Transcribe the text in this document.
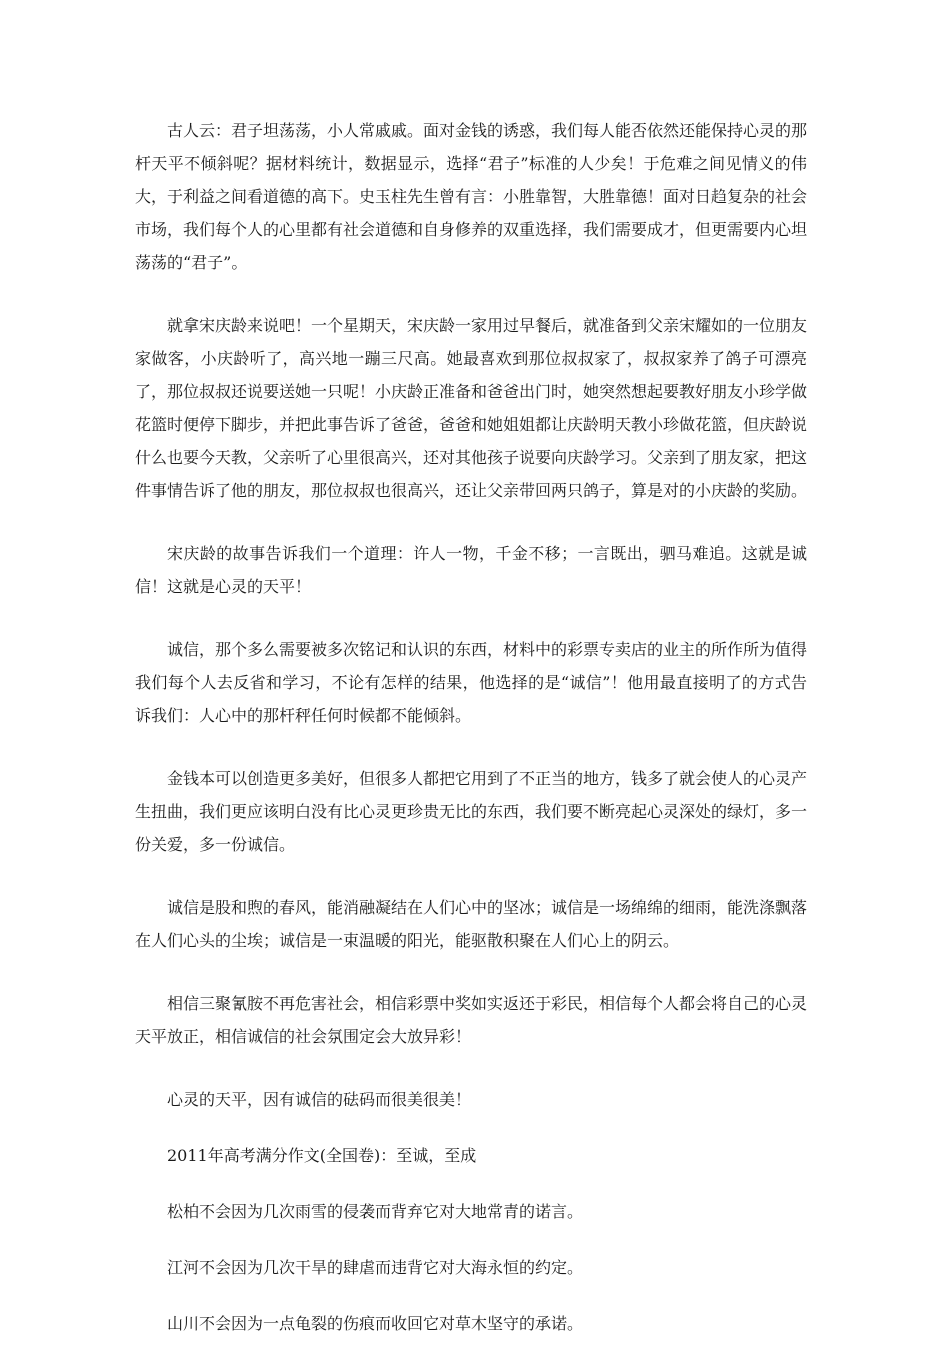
古人云：君子坦荡荡，小人常戚戚。面对金钱的诱惑，我们每人能否依然还能保持心灵的那杆天平不倾斜呢？据材料统计，数据显示，选择“君子”标准的人少矣！于危难之间见情义的伟大，于利益之间看道德的高下。史玉柱先生曾有言：小胜靠智，大胜靠德！面对日趋复杂的社会市场，我们每个人的心里都有社会道德和自身修养的双重选择，我们需要成才，但更需要内心坦荡荡的“君子”。

就拿宋庆龄来说吧！一个星期天，宋庆龄一家用过早餐后，就准备到父亲宋耀如的一位朋友家做客，小庆龄听了，高兴地一蹦三尺高。她最喜欢到那位叔叔家了，叔叔家养了鸽子可漂亮了，那位叔叔还说要送她一只呢！小庆龄正准备和爸爸出门时，她突然想起要教好朋友小珍学做花篮时便停下脚步，并把此事告诉了爸爸，爸爸和她姐姐都让庆龄明天教小珍做花篮，但庆龄说什么也要今天教，父亲听了心里很高兴，还对其他孩子说要向庆龄学习。父亲到了朋友家，把这件事情告诉了他的朋友，那位叔叔也很高兴，还让父亲带回两只鸽子，算是对的小庆龄的奖励。

宋庆龄的故事告诉我们一个道理：许人一物，千金不移；一言既出，驷马难追。这就是诚信！这就是心灵的天平！

诚信，那个多么需要被多次铭记和认识的东西，材料中的彩票专卖店的业主的所作所为值得我们每个人去反省和学习，不论有怎样的结果，他选择的是“诚信”！他用最直接明了的方式告诉我们：人心中的那杆秤任何时候都不能倾斜。

金钱本可以创造更多美好，但很多人都把它用到了不正当的地方，钱多了就会使人的心灵产生扭曲，我们更应该明白没有比心灵更珍贵无比的东西，我们要不断亮起心灵深处的绿灯，多一份关爱，多一份诚信。

诚信是股和煦的春风，能消融凝结在人们心中的坚冰；诚信是一场绵绵的细雨，能洗涤飘落在人们心头的尘埃；诚信是一束温暖的阳光，能驱散积聚在人们心上的阴云。

相信三聚氰胺不再危害社会，相信彩票中奖如实返还于彩民，相信每个人都会将自己的心灵天平放正，相信诚信的社会氛围定会大放异彩！

心灵的天平，因有诚信的砝码而很美很美！

2011年高考满分作文(全国卷)：至诚，至成

松柏不会因为几次雨雪的侵袭而背弃它对大地常青的诺言。

江河不会因为几次干旱的肆虐而违背它对大海永恒的约定。

山川不会因为一点龟裂的伤痕而收回它对草木坚守的承诺。
